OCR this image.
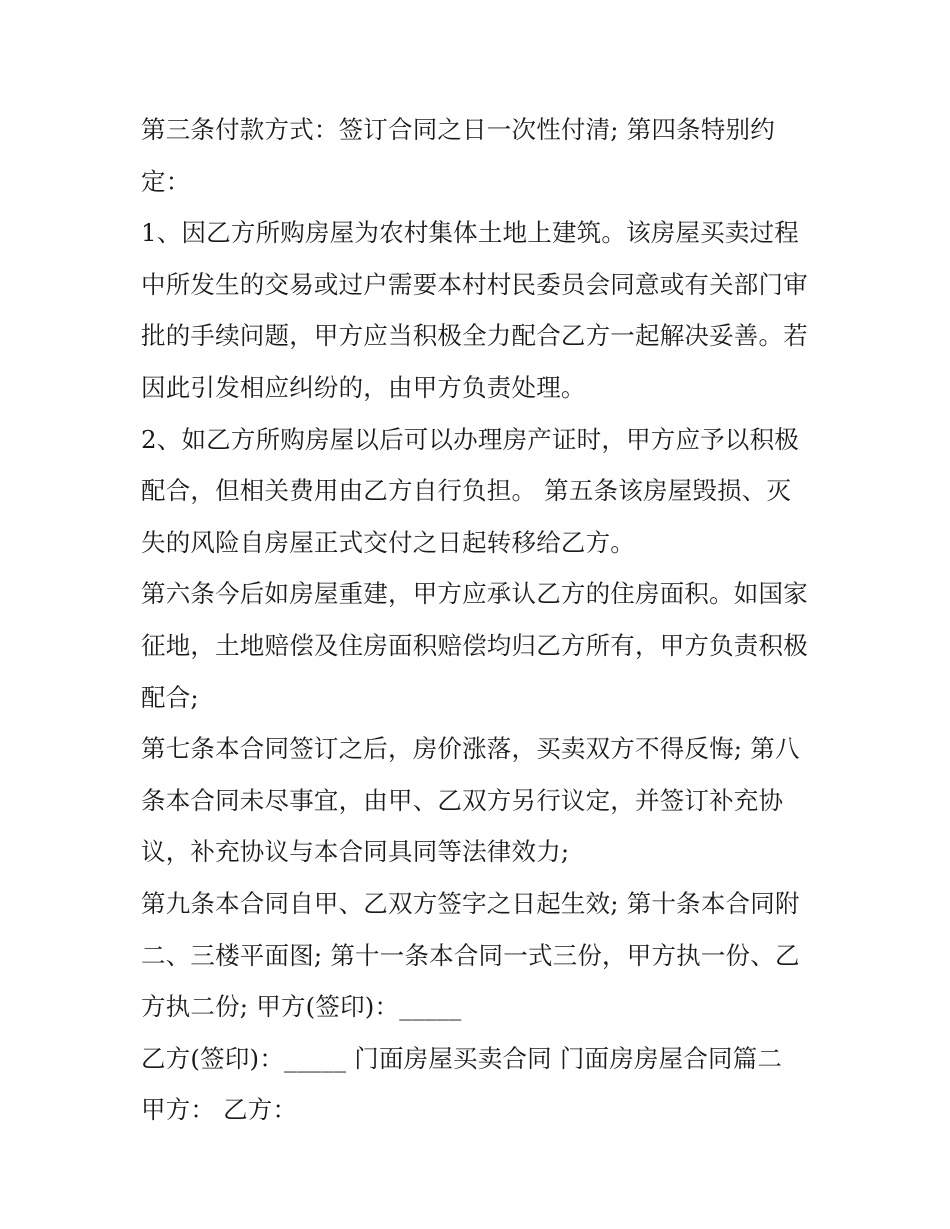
第三条付款方式：签订合同之日一次性付清; 第四条特别约定：

1、因乙方所购房屋为农村集体土地上建筑。该房屋买卖过程中所发生的交易或过户需要本村村民委员会同意或有关部门审批的手续问题，甲方应当积极全力配合乙方一起解决妥善。若因此引发相应纠纷的，由甲方负责处理。

2、如乙方所购房屋以后可以办理房产证时，甲方应予以积极配合，但相关费用由乙方自行负担。 第五条该房屋毁损、灭失的风险自房屋正式交付之日起转移给乙方。

第六条今后如房屋重建，甲方应承认乙方的住房面积。如国家征地，土地赔偿及住房面积赔偿均归乙方所有，甲方负责积极配合;

第七条本合同签订之后，房价涨落，买卖双方不得反悔; 第八条本合同未尽事宜，由甲、乙双方另行议定，并签订补充协议，补充协议与本合同具同等法律效力;

第九条本合同自甲、乙双方签字之日起生效; 第十条本合同附二、三楼平面图; 第十一条本合同一式三份，甲方执一份、乙方执二份; 甲方(签印)：_____

乙方(签印)：_____ 门面房屋买卖合同 门面房房屋合同篇二

甲方： 乙方：
